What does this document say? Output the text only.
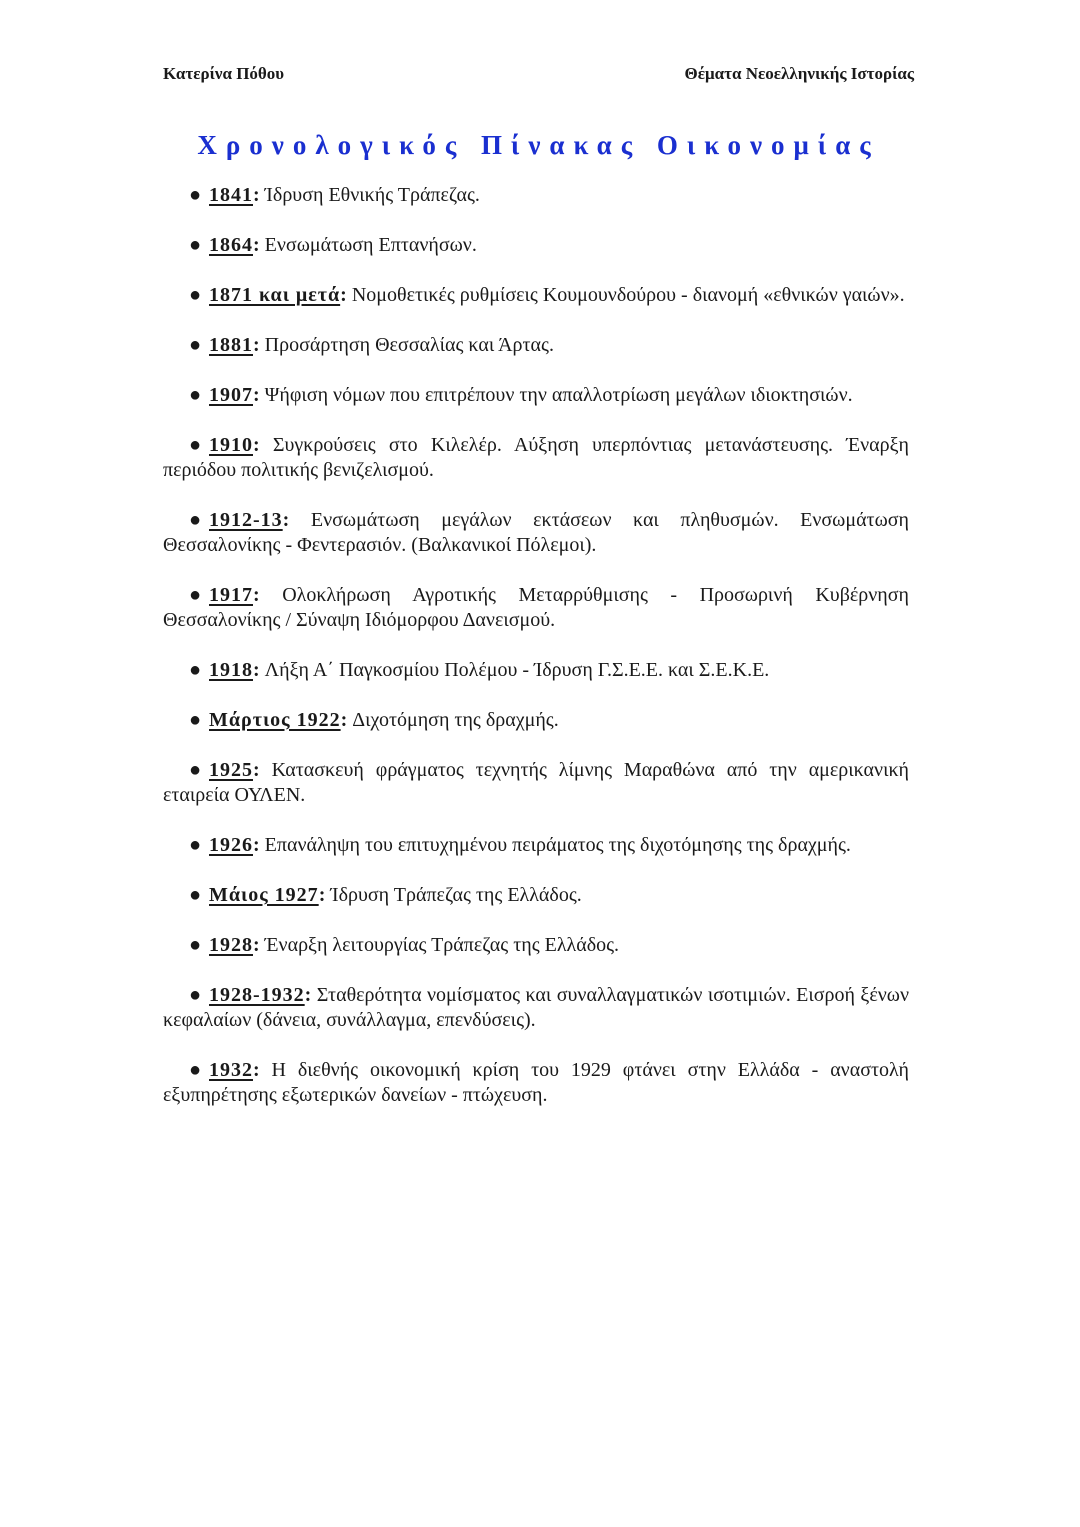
Κατερίνα Πόθου	Θέματα Νεοελληνικής Ιστορίας
Χρονολογικός Πίνακας Οικονομίας
● 1841: Ίδρυση Εθνικής Τράπεζας.
● 1864: Ενσωμάτωση Επτανήσων.
● 1871 και μετά: Νομοθετικές ρυθμίσεις Κουμουνδούρου - διανομή «εθνικών γαιών».
● 1881: Προσάρτηση Θεσσαλίας και Άρτας.
● 1907: Ψήφιση νόμων που επιτρέπουν την απαλλοτρίωση μεγάλων ιδιοκτησιών.
● 1910: Συγκρούσεις στο Κιλελέρ. Αύξηση υπερπόντιας μετανάστευσης. Έναρξη περιόδου πολιτικής βενιζελισμού.
● 1912-13: Ενσωμάτωση μεγάλων εκτάσεων και πληθυσμών. Ενσωμάτωση Θεσσαλονίκης - Φεντερασιόν. (Βαλκανικοί Πόλεμοι).
● 1917: Ολοκλήρωση Αγροτικής Μεταρρύθμισης - Προσωρινή Κυβέρνηση Θεσσαλονίκης / Σύναψη Ιδιόμορφου Δανεισμού.
● 1918: Λήξη Α΄ Παγκοσμίου Πολέμου - Ίδρυση Γ.Σ.Ε.Ε. και Σ.Ε.Κ.Ε.
● Μάρτιος 1922: Διχοτόμηση της δραχμής.
● 1925: Κατασκευή φράγματος τεχνητής λίμνης Μαραθώνα από την αμερικανική εταιρεία ΟΥΛΕΝ.
● 1926: Επανάληψη του επιτυχημένου πειράματος της διχοτόμησης της δραχμής.
● Μάιος 1927: Ίδρυση Τράπεζας της Ελλάδος.
● 1928: Έναρξη λειτουργίας Τράπεζας της Ελλάδος.
● 1928-1932: Σταθερότητα νομίσματος και συναλλαγματικών ισοτιμιών. Εισροή ξένων κεφαλαίων (δάνεια, συνάλλαγμα, επενδύσεις).
● 1932: Η διεθνής οικονομική κρίση του 1929 φτάνει στην Ελλάδα - αναστολή εξυπηρέτησης εξωτερικών δανείων - πτώχευση.
